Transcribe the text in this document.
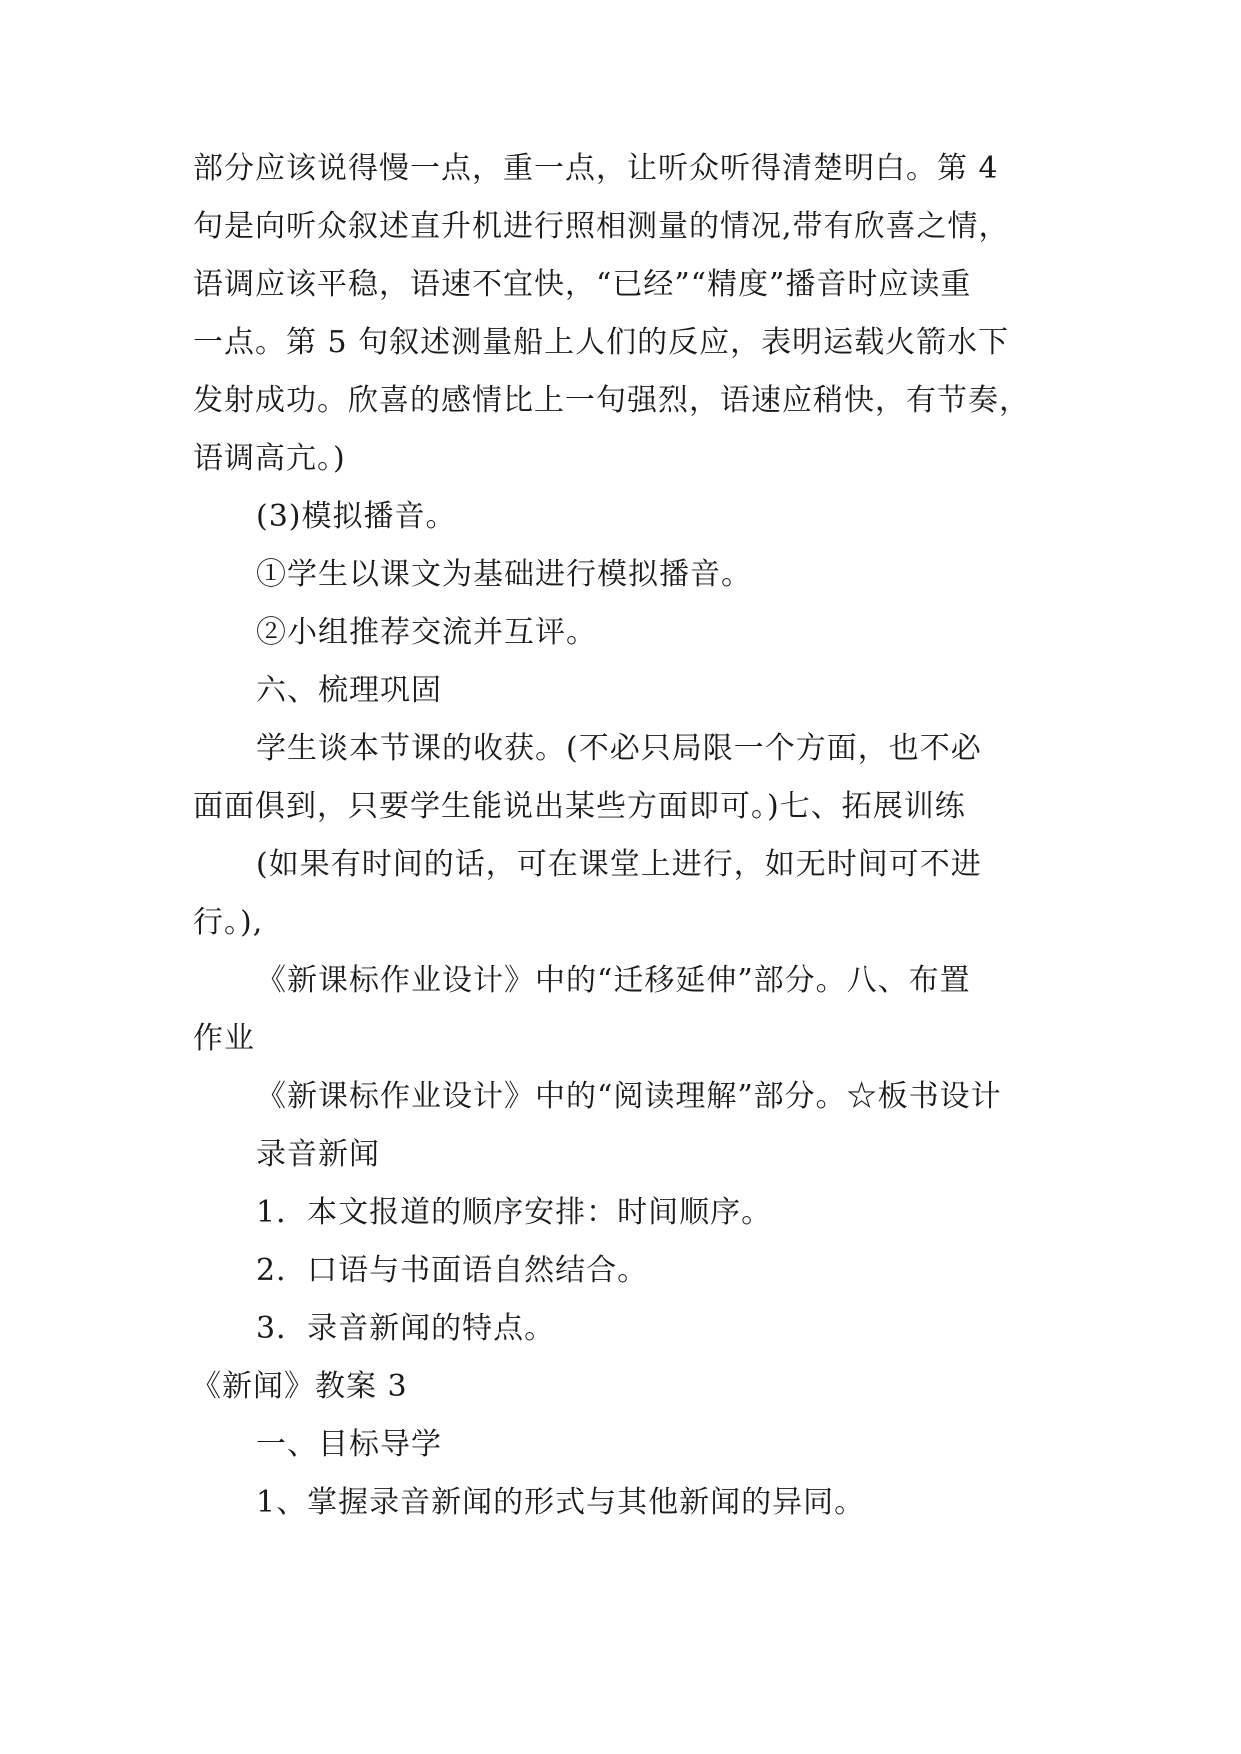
部分应该说得慢一点，重一点，让听众听得清楚明白。第 4
句是向听众叙述直升机进行照相测量的情况,带有欣喜之情，
语调应该平稳，语速不宜快，“已经”“精度”播音时应读重
一点。第 5 句叙述测量船上人们的反应，表明运载火箭水下
发射成功。欣喜的感情比上一句强烈，语速应稍快，有节奏，
语调高亢。)
(3)模拟播音。
①学生以课文为基础进行模拟播音。
②小组推荐交流并互评。
六、梳理巩固
学生谈本节课的收获。(不必只局限一个方面，也不必
面面俱到，只要学生能说出某些方面即可。)七、拓展训练
(如果有时间的话，可在课堂上进行，如无时间可不进
行。),
《新课标作业设计》中的“迁移延伸”部分。八、布置
作业
《新课标作业设计》中的“阅读理解”部分。☆板书设计
录音新闻
1．本文报道的顺序安排：时间顺序。
2．口语与书面语自然结合。
3．录音新闻的特点。
《新闻》教案 3
一、目标导学
1、掌握录音新闻的形式与其他新闻的异同。
